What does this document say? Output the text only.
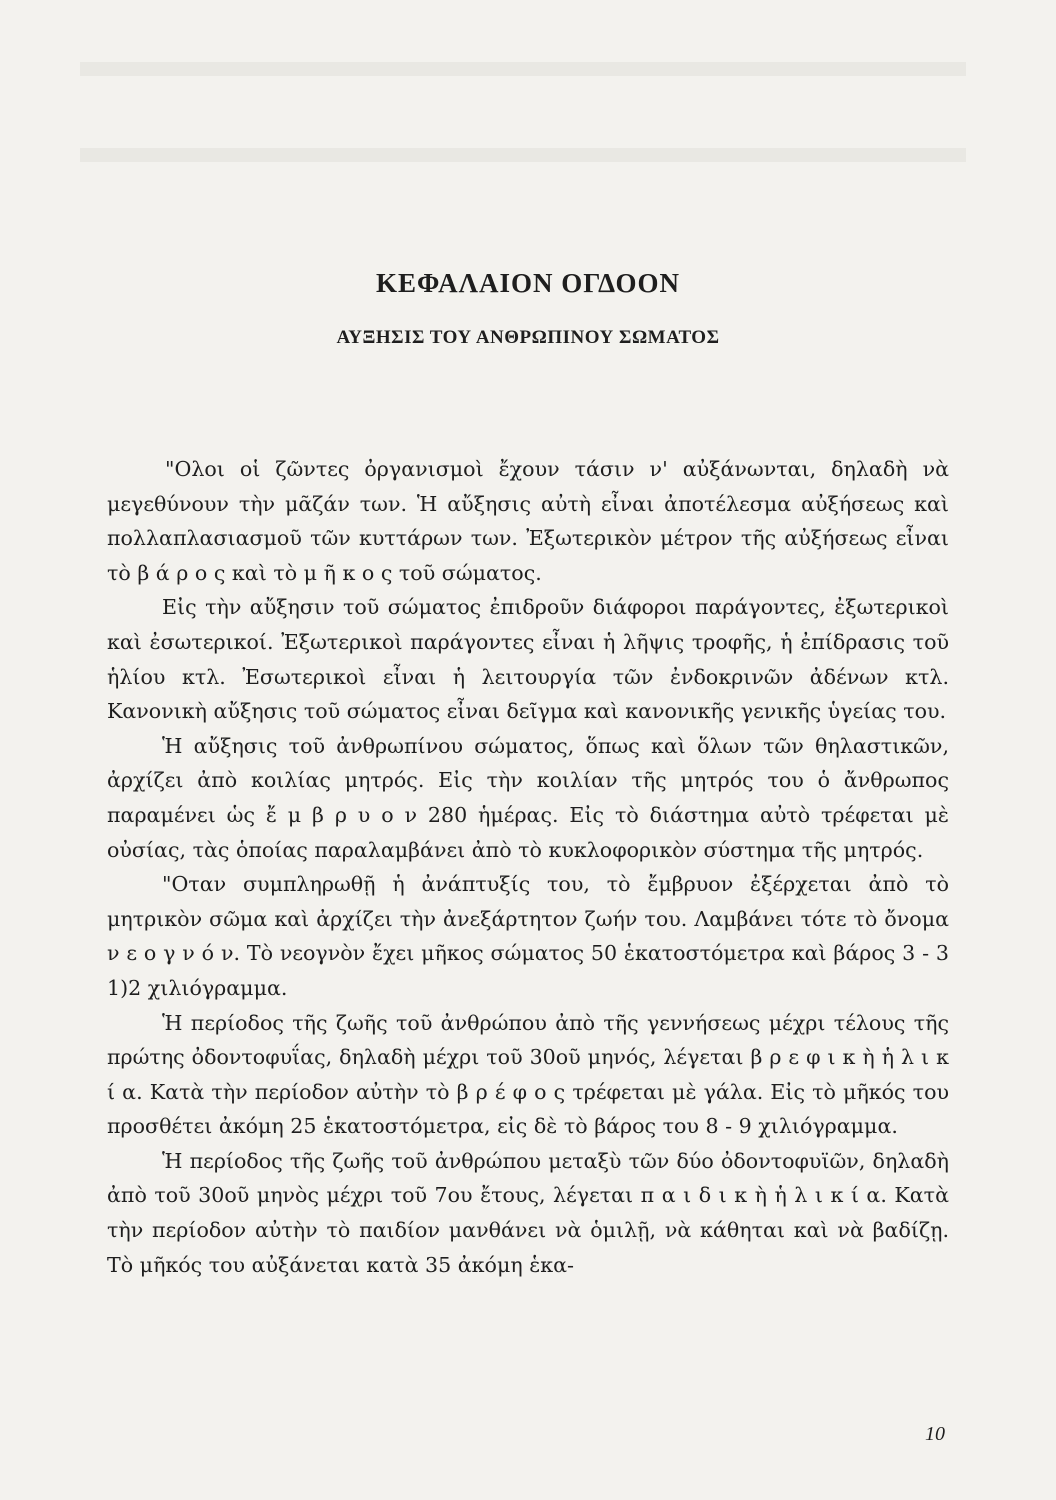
ΚΕΦΑΛΑΙΟΝ ΟΓΔΟΟΝ
ΑΥΞΗΣΙΣ ΤΟΥ ΑΝΘΡΩΠΙΝΟΥ ΣΩΜΑΤΟΣ

"Ολοι οἱ ζῶντες ὀργανισμοὶ ἔχουν τάσιν ν' αὐξάνωνται, δηλαδὴ νὰ μεγεθύνουν τὴν μᾶζάν των. Ἡ αὔξησις αὐτὴ εἶναι ἀποτέλεσμα αὐξήσεως καὶ πολλαπλασιασμοῦ τῶν κυττάρων των. Ἐξωτερικὸν μέτρον τῆς αὐξήσεως εἶναι τὸ β ά ρ ο ς καὶ τὸ μ ῆ κ ο ς τοῦ σώματος.

Εἰς τὴν αὔξησιν τοῦ σώματος ἐπιδροῦν διάφοροι παράγοντες, ἐξωτερικοὶ καὶ ἐσωτερικοί. Ἐξωτερικοὶ παράγοντες εἶναι ἡ λῆψις τροφῆς, ἡ ἐπίδρασις τοῦ ἡλίου κτλ. Ἐσωτερικοὶ εἶναι ἡ λειτουργία τῶν ἐνδοκρινῶν ἀδένων κτλ. Κανονικὴ αὔξησις τοῦ σώματος εἶναι δεῖγμα καὶ κανονικῆς γενικῆς ὑγείας του.

Ἡ αὔξησις τοῦ ἀνθρωπίνου σώματος, ὅπως καὶ ὅλων τῶν θηλαστικῶν, ἀρχίζει ἀπὸ κοιλίας μητρός. Εἰς τὴν κοιλίαν τῆς μητρός του ὁ ἄνθρωπος παραμένει ὡς ἔ μ β ρ υ ο ν 280 ἡμέρας. Εἰς τὸ διάστημα αὐτὸ τρέφεται μὲ οὐσίας, τὰς ὁποίας παραλαμβάνει ἀπὸ τὸ κυκλοφορικὸν σύστημα τῆς μητρός.

"Οταν συμπληρωθῇ ἡ ἀνάπτυξίς του, τὸ ἔμβρυον ἐξέρχεται ἀπὸ τὸ μητρικὸν σῶμα καὶ ἀρχίζει τὴν ἀνεξάρτητον ζωήν του. Λαμβάνει τότε τὸ ὄνομα ν ε ο γ ν ό ν. Τὸ νεογνὸν ἔχει μῆκος σώματος 50 ἑκατοστόμετρα καὶ βάρος 3 - 3 1)2 χιλιόγραμμα.

Ἡ περίοδος τῆς ζωῆς τοῦ ἀνθρώπου ἀπὸ τῆς γεννήσεως μέχρι τέλους τῆς πρώτης ὀδοντοφυΐας, δηλαδὴ μέχρι τοῦ 30οῦ μηνός, λέγεται β ρ ε φ ι κ ὴ ἡ λ ι κ ί α. Κατὰ τὴν περίοδον αὐτὴν τὸ β ρ έ φ ο ς τρέφεται μὲ γάλα. Εἰς τὸ μῆκός του προσθέτει ἀκόμη 25 ἑκατοστόμετρα, εἰς δὲ τὸ βάρος του 8 - 9 χιλιόγραμμα.

Ἡ περίοδος τῆς ζωῆς τοῦ ἀνθρώπου μεταξὺ τῶν δύο ὀδοντοφυϊῶν, δηλαδὴ ἀπὸ τοῦ 30οῦ μηνὸς μέχρι τοῦ 7ου ἔτους, λέγεται π α ι δ ι κ ὴ ἡ λ ι κ ί α. Κατὰ τὴν περίοδον αὐτὴν τὸ παιδίον μανθάνει νὰ ὁμιλῇ, νὰ κάθηται καὶ νὰ βαδίζῃ. Τὸ μῆκός του αὐξάνεται κατὰ 35 ἀκόμη ἑκα-

10
